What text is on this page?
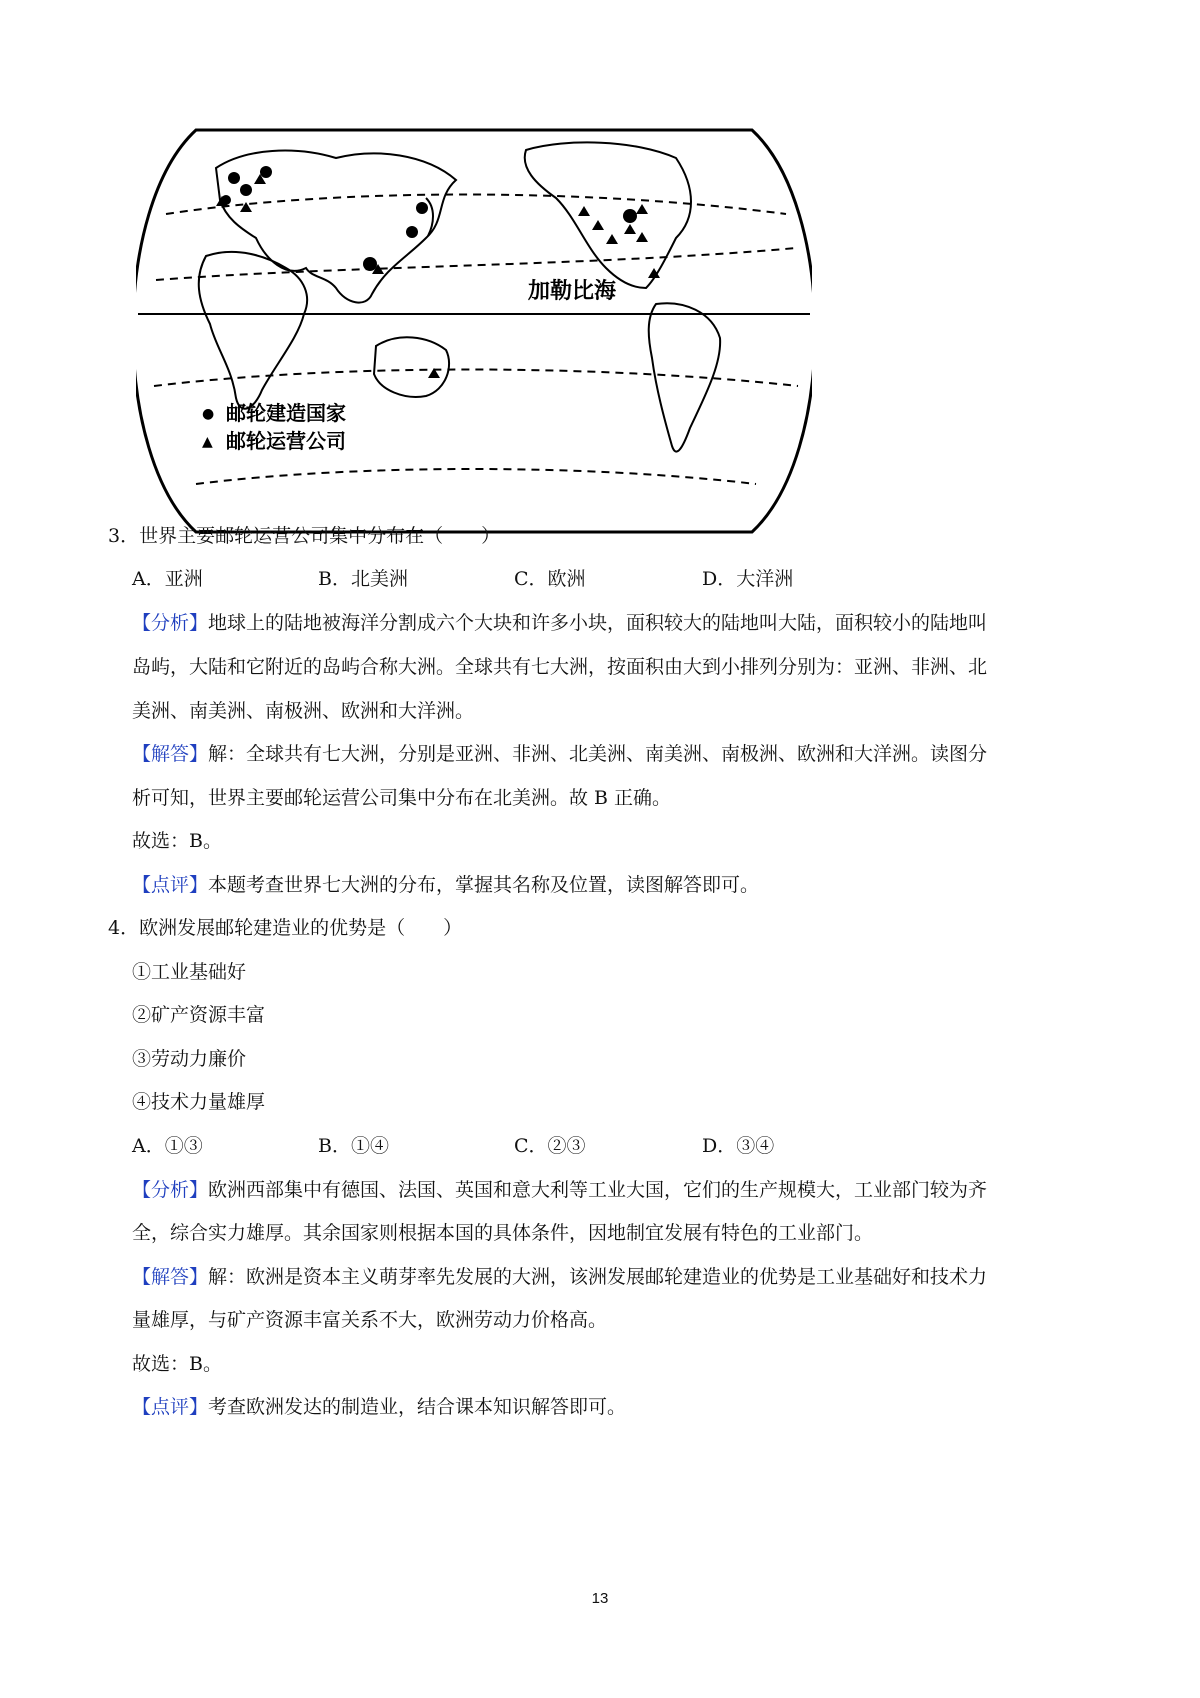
加勒比海
● 邮轮建造国家
▲ 邮轮运营公司
3．世界主要邮轮运营公司集中分布在（　　）
A．亚洲	B．北美洲	C．欧洲	D．大洋洲
【分析】地球上的陆地被海洋分割成六个大块和许多小块，面积较大的陆地叫大陆，面积较小的陆地叫
岛屿，大陆和它附近的岛屿合称大洲。全球共有七大洲，按面积由大到小排列分别为：亚洲、非洲、北
美洲、南美洲、南极洲、欧洲和大洋洲。
【解答】解：全球共有七大洲，分别是亚洲、非洲、北美洲、南美洲、南极洲、欧洲和大洋洲。读图分
析可知，世界主要邮轮运营公司集中分布在北美洲。故 B 正确。
故选：B。
【点评】本题考查世界七大洲的分布，掌握其名称及位置，读图解答即可。
4．欧洲发展邮轮建造业的优势是（　　）
①工业基础好
②矿产资源丰富
③劳动力廉价
④技术力量雄厚
A．①③	B．①④	C．②③	D．③④
【分析】欧洲西部集中有德国、法国、英国和意大利等工业大国，它们的生产规模大，工业部门较为齐
全，综合实力雄厚。其余国家则根据本国的具体条件，因地制宜发展有特色的工业部门。
【解答】解：欧洲是资本主义萌芽率先发展的大洲，该洲发展邮轮建造业的优势是工业基础好和技术力
量雄厚，与矿产资源丰富关系不大，欧洲劳动力价格高。
故选：B。
【点评】考查欧洲发达的制造业，结合课本知识解答即可。
13
